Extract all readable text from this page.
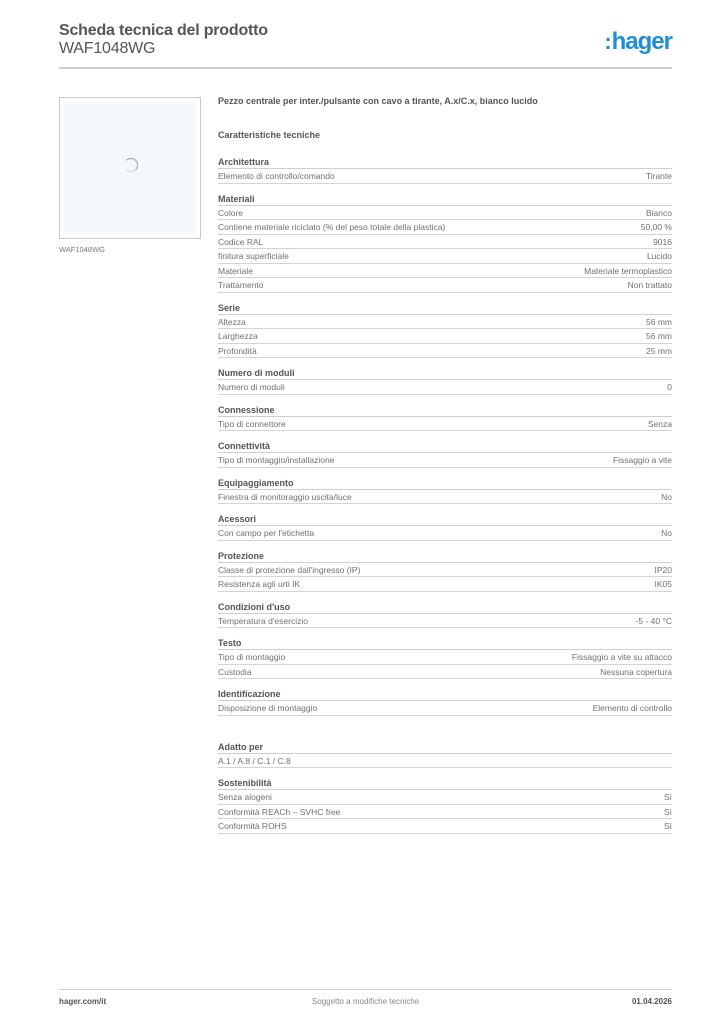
Scheda tecnica del prodotto
WAF1048WG	:hager
WAF1048WG
Pezzo centrale per inter./pulsante con cavo a tirante, A.x/C.x, bianco lucido
Caratteristiche tecniche
Architettura
Elemento di controllo/comando	Tirante
Materiali
Colore	Bianco
Contiene materiale riciclato (% del peso totale della plastica)	50,00 %
Codice RAL	9016
finitura superficiale	Lucido
Materiale	Materiale termoplastico
Trattamento	Non trattato
Serie
Altezza	56 mm
Larghezza	56 mm
Profondità	25 mm
Numero di moduli
Numero di moduli	0
Connessione
Tipo di connettore	Senza
Connettività
Tipo di montaggio/installazione	Fissaggio a vite
Equipaggiamento
Finestra di monitoraggio uscita/luce	No
Acessori
Con campo per l'etichetta	No
Protezione
Classe di protezione dall'ingresso (IP)	IP20
Resistenza agli urti IK	IK05
Condizioni d'uso
Temperatura d'esercizio	-5 - 40 °C
Testo
Tipo di montaggio	Fissaggio a vite su attacco
Custodia	Nessuna copertura
Identificazione
Disposizione di montaggio	Elemento di controllo
Adatto per
A.1 / A.8 / C.1 / C.8
Sostenibilità
Senza alogeni	Sì
Conformità REACh – SVHC free	Sì
Conformità ROHS	Sì
Soggetto a modifiche tecniche
hager.com/it	01.04.2026
